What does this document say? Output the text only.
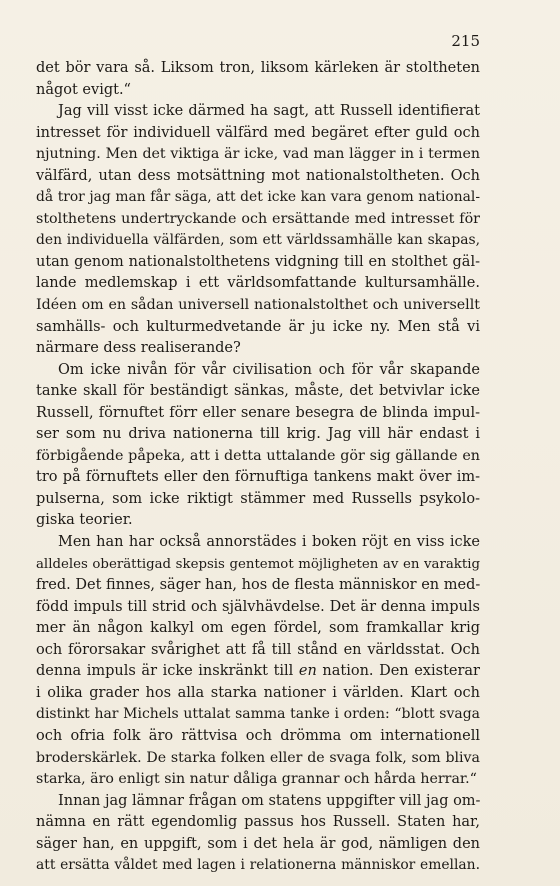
215
det bör vara så. Liksom tron, liksom kärleken är stoltheten
något evigt.“
Jag vill visst icke därmed ha sagt, att Russell identifierat
intresset för individuell välfärd med begäret efter guld och
njutning. Men det viktiga är icke, vad man lägger in i termen
välfärd, utan dess motsättning mot nationalstoltheten. Och
då tror jag man får säga, att det icke kan vara genom national-
stolthetens undertryckande och ersättande med intresset för
den individuella välfärden, som ett världssamhälle kan skapas,
utan genom nationalstolthetens vidgning till en stolthet gäl-
lande medlemskap i ett världsomfattande kultursamhälle.
Idéen om en sådan universell nationalstolthet och universellt
samhälls- och kulturmedvetande är ju icke ny. Men stå vi
närmare dess realiserande?
Om icke nivån för vår civilisation och för vår skapande
tanke skall för beständigt sänkas, måste, det betvivlar icke
Russell, förnuftet förr eller senare besegra de blinda impul-
ser som nu driva nationerna till krig. Jag vill här endast i
förbigående påpeka, att i detta uttalande gör sig gällande en
tro på förnuftets eller den förnuftiga tankens makt över im-
pulserna, som icke riktigt stämmer med Russells psykolo-
giska teorier.
Men han har också annorstädes i boken röjt en viss icke
alldeles oberättigad skepsis gentemot möjligheten av en varaktig
fred. Det finnes, säger han, hos de flesta människor en med-
född impuls till strid och självhävdelse. Det är denna impuls
mer än någon kalkyl om egen fördel, som framkallar krig
och förorsakar svårighet att få till stånd en världsstat. Och
denna impuls är icke inskränkt till en nation. Den existerar
i olika grader hos alla starka nationer i världen. Klart och
distinkt har Michels uttalat samma tanke i orden: “blott svaga
och ofria folk äro rättvisa och drömma om internationell
broderskärlek. De starka folken eller de svaga folk, som bliva
starka, äro enligt sin natur dåliga grannar och hårda herrar.“
Innan jag lämnar frågan om statens uppgifter vill jag om-
nämna en rätt egendomlig passus hos Russell. Staten har,
säger han, en uppgift, som i det hela är god, nämligen den
att ersätta våldet med lagen i relationerna människor emellan.
